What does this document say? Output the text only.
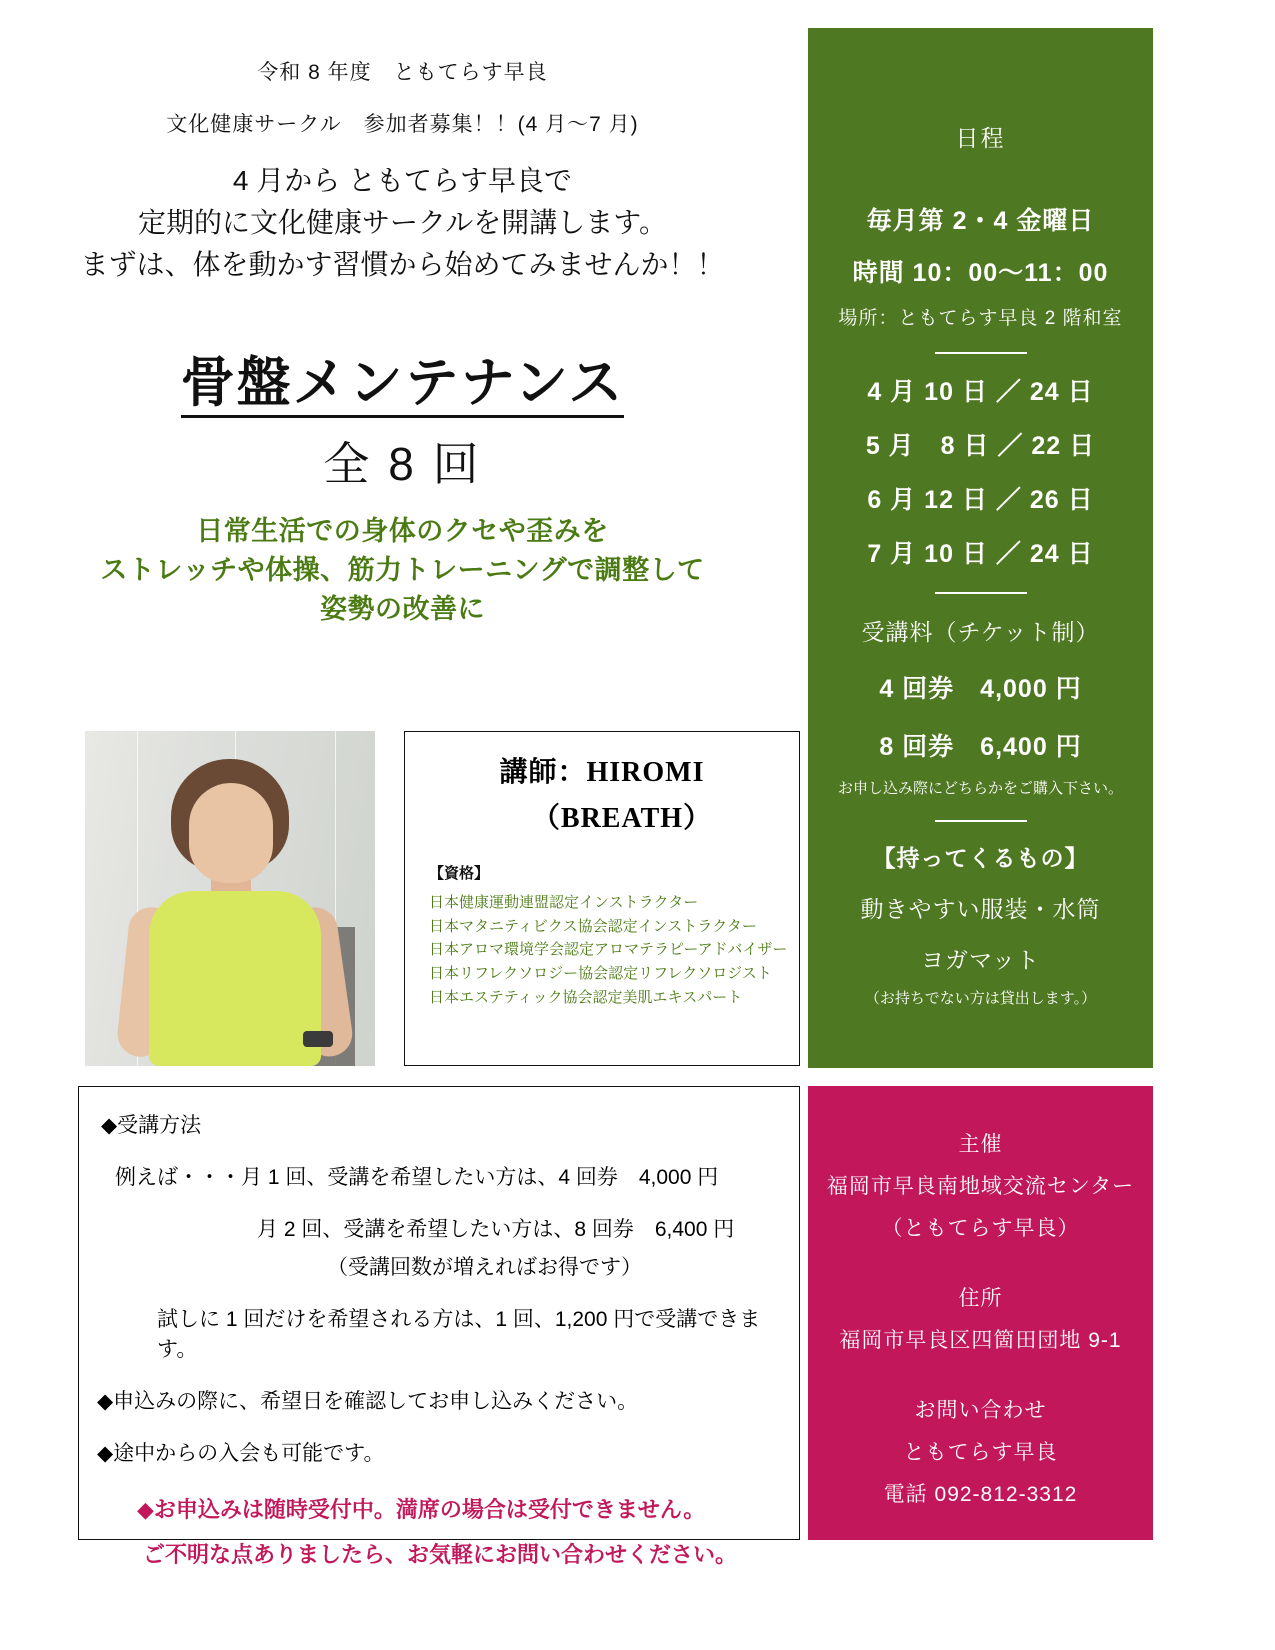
令和 8 年度　ともてらす早良
文化健康サークル　参加者募集！！(4 月〜7 月)
4 月から ともてらす早良で
定期的に文化健康サークルを開講します。
まずは、体を動かす習慣から始めてみませんか！！
骨盤メンテナンス
全 8 回
日常生活での身体のクセや歪みを
ストレッチや体操、筋力トレーニングで調整して
姿勢の改善に
講師：HIROMI
（BREATH）
【資格】
日本健康運動連盟認定インストラクター
日本マタニティビクス協会認定インストラクター
日本アロマ環境学会認定アロマテラピーアドバイザー
日本リフレクソロジー協会認定リフレクソロジスト
日本エステティック協会認定美肌エキスパート
◆受講方法
例えば・・・月 1 回、受講を希望したい方は、4 回券　4,000 円
月 2 回、受講を希望したい方は、8 回券　6,400 円
（受講回数が増えればお得です）
試しに 1 回だけを希望される方は、1 回、1,200 円で受講できます。
◆申込みの際に、希望日を確認してお申し込みください。
◆途中からの入会も可能です。
◆お申込みは随時受付中。満席の場合は受付できません。
ご不明な点ありましたら、お気軽にお問い合わせください。
日程
毎月第 2・4 金曜日
時間 10：00〜11：00
場所：ともてらす早良 2 階和室
4 月 10 日 ／ 24 日
5 月　8 日 ／ 22 日
6 月 12 日 ／ 26 日
7 月 10 日 ／ 24 日
受講料（チケット制）
4 回券　4,000 円
8 回券　6,400 円
お申し込み際にどちらかをご購入下さい。
【持ってくるもの】
動きやすい服装・水筒
ヨガマット
（お持ちでない方は貸出します。）
主催
福岡市早良南地域交流センター
（ともてらす早良）
住所
福岡市早良区四箇田団地 9-1
お問い合わせ
ともてらす早良
電話 092-812-3312
